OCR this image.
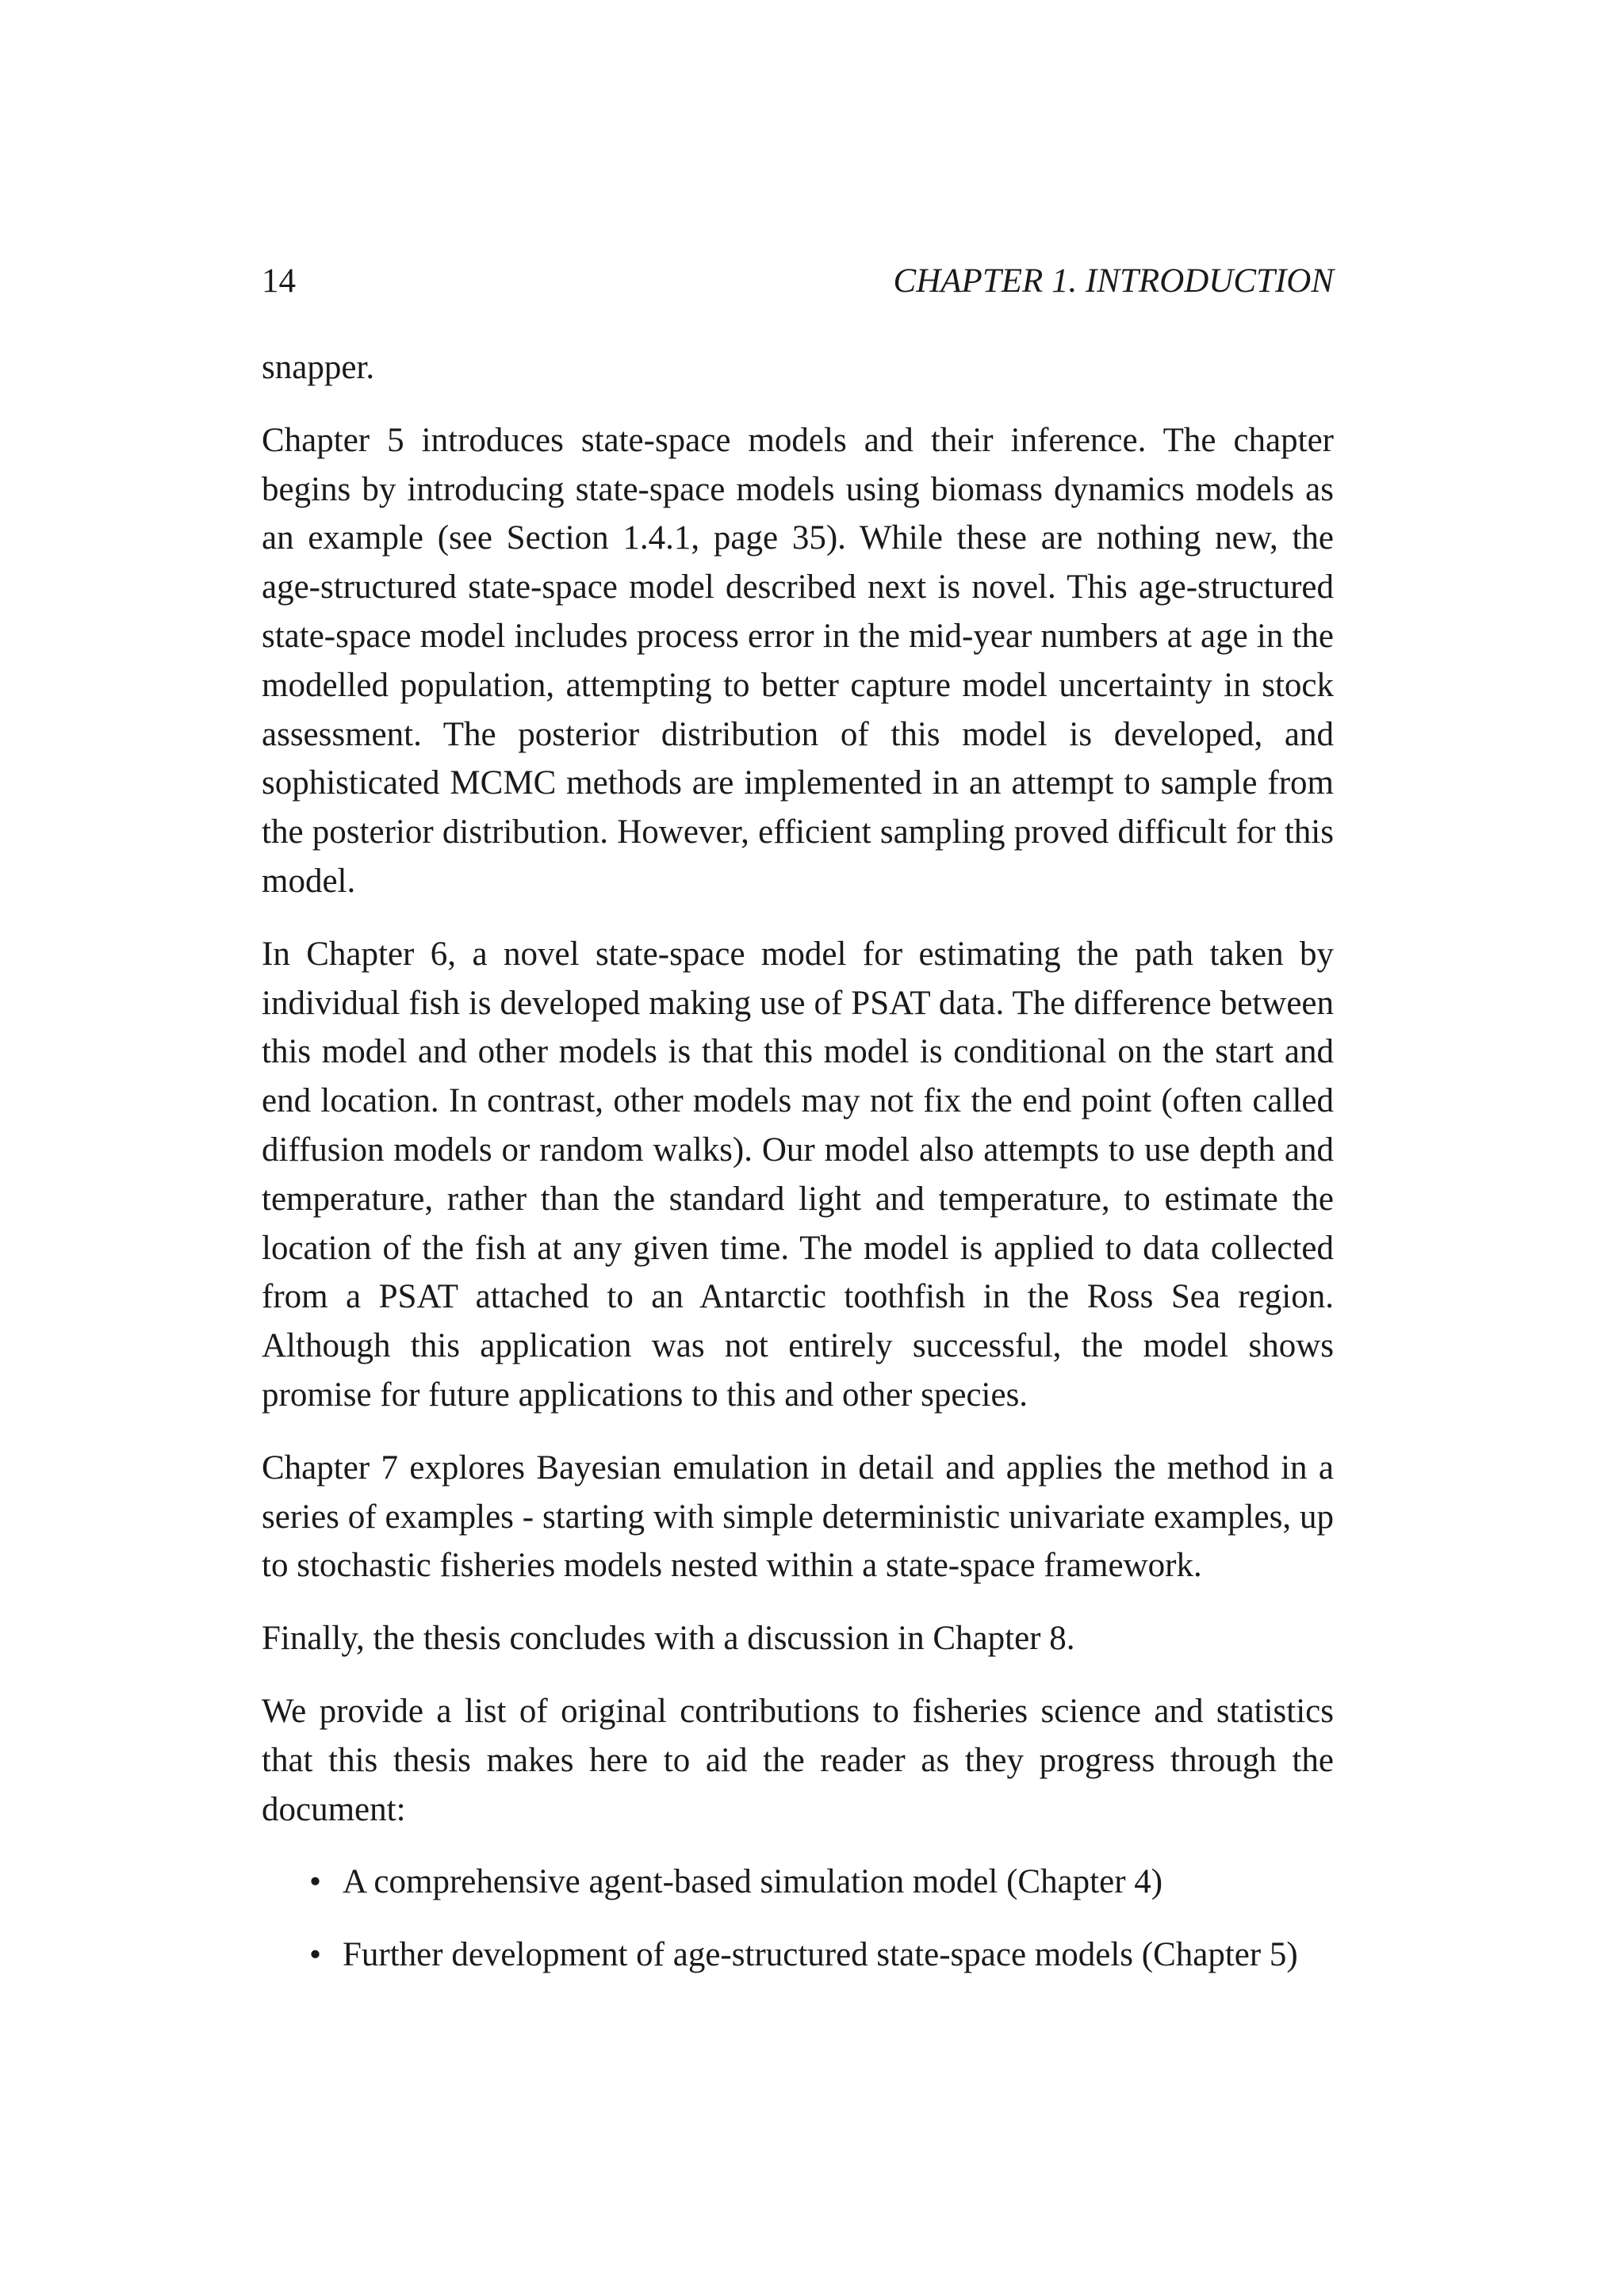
14	CHAPTER 1. INTRODUCTION

snapper.

Chapter 5 introduces state-space models and their inference. The chapter begins by introducing state-space models using biomass dynamics models as an example (see Section 1.4.1, page 35). While these are nothing new, the age-structured state-space model described next is novel. This age-structured state-space model includes process error in the mid-year numbers at age in the modelled population, attempting to better capture model uncertainty in stock assessment. The posterior distribution of this model is developed, and sophisticated MCMC methods are implemented in an attempt to sample from the posterior distribution. However, efficient sampling proved difficult for this model.

In Chapter 6, a novel state-space model for estimating the path taken by individual fish is developed making use of PSAT data. The difference between this model and other models is that this model is conditional on the start and end location. In contrast, other models may not fix the end point (often called diffusion models or random walks). Our model also attempts to use depth and temperature, rather than the standard light and temperature, to estimate the location of the fish at any given time. The model is applied to data collected from a PSAT attached to an Antarctic toothfish in the Ross Sea region. Although this application was not entirely successful, the model shows promise for future applications to this and other species.

Chapter 7 explores Bayesian emulation in detail and applies the method in a series of examples - starting with simple deterministic univariate examples, up to stochastic fisheries models nested within a state-space framework.

Finally, the thesis concludes with a discussion in Chapter 8.

We provide a list of original contributions to fisheries science and statistics that this thesis makes here to aid the reader as they progress through the document:

• A comprehensive agent-based simulation model (Chapter 4)
• Further development of age-structured state-space models (Chapter 5)
